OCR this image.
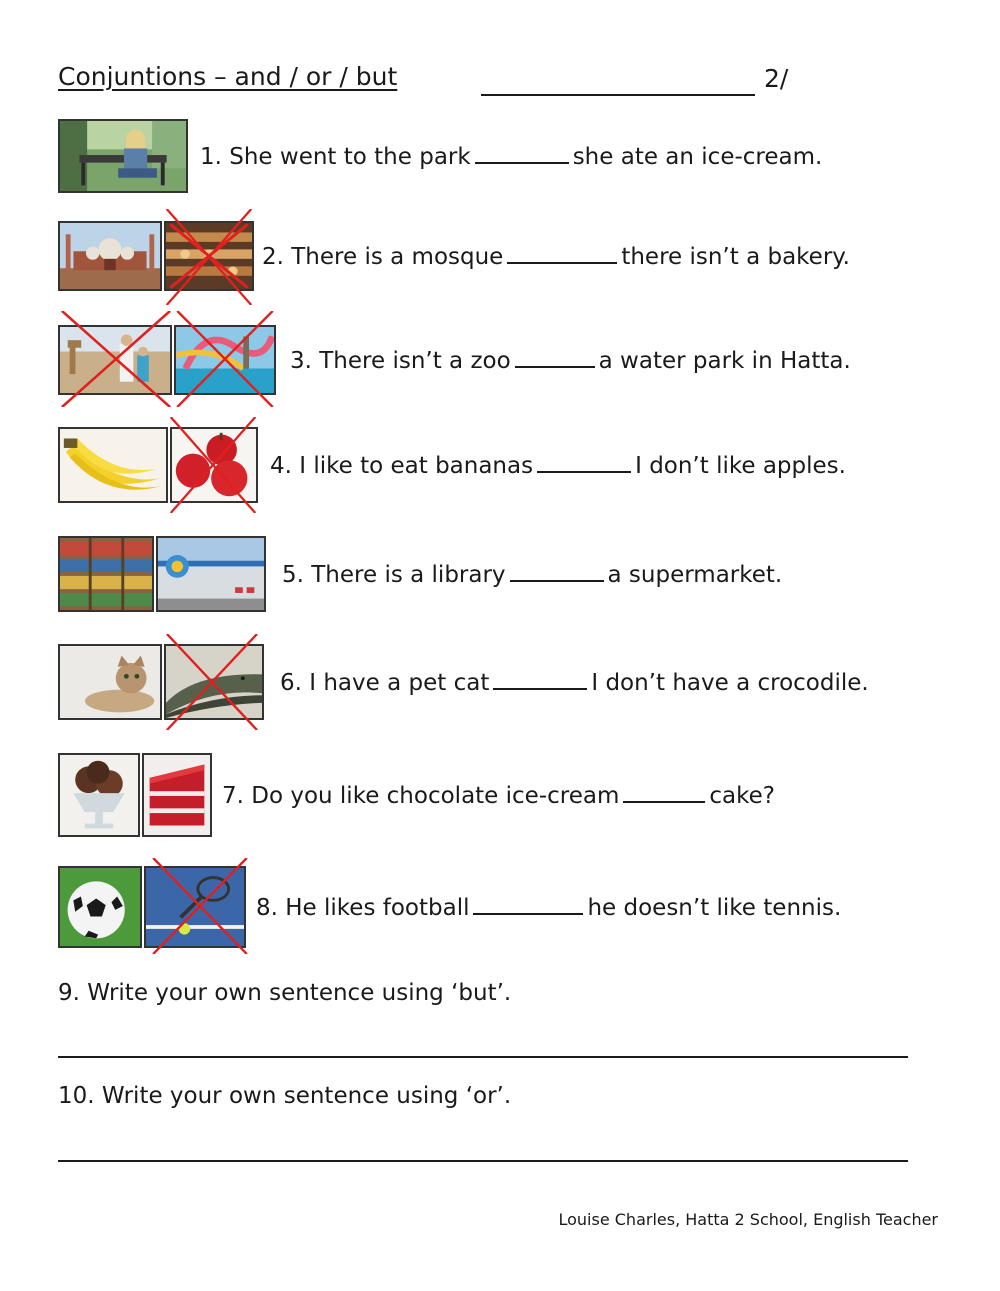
Conjuntions – and / or / but	2/
1. She went to the park	she ate an ice-cream.
2. There is a mosque	there isn’t a bakery.
3. There isn’t a zoo	a water park in Hatta.
4. I like to eat bananas	I don’t like apples.
5. There is a library	a supermarket.
6. I have a pet cat	I don’t have a crocodile.
7. Do you like chocolate ice-cream	cake?
8. He likes football	he doesn’t like tennis.
9. Write your own sentence using ‘but’.
10. Write your own sentence using ‘or’.
Louise Charles, Hatta 2 School, English Teacher
